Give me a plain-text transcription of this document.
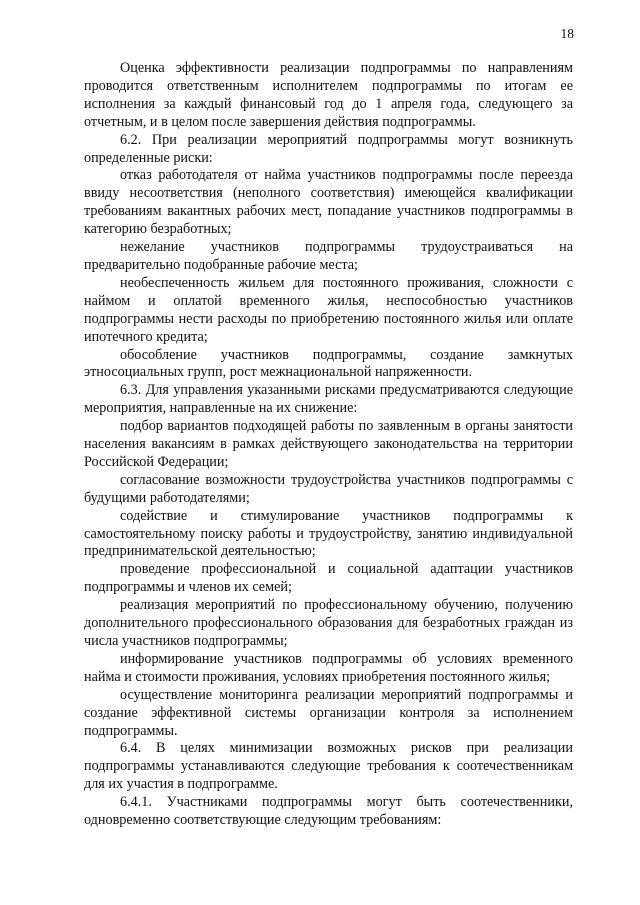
18

Оценка эффективности реализации подпрограммы по направлениям проводится ответственным исполнителем подпрограммы по итогам ее исполнения за каждый финансовый год до 1 апреля года, следующего за отчетным, и в целом после завершения действия подпрограммы.

6.2. При реализации мероприятий подпрограммы могут возникнуть определенные риски:

отказ работодателя от найма участников подпрограммы после переезда ввиду несоответствия (неполного соответствия) имеющейся квалификации требованиям вакантных рабочих мест, попадание участников подпрограммы в категорию безработных;

нежелание участников подпрограммы трудоустраиваться на предварительно подобранные рабочие места;

необеспеченность жильем для постоянного проживания, сложности с наймом и оплатой временного жилья, неспособностью участников подпрограммы нести расходы по приобретению постоянного жилья или оплате ипотечного кредита;

обособление участников подпрограммы, создание замкнутых этносоциальных групп, рост межнациональной напряженности.

6.3. Для управления указанными рисками предусматриваются следующие мероприятия, направленные на их снижение:

подбор вариантов подходящей работы по заявленным в органы занятости населения вакансиям в рамках действующего законодательства на территории Российской Федерации;

согласование возможности трудоустройства участников подпрограммы с будущими работодателями;

содействие и стимулирование участников подпрограммы к самостоятельному поиску работы и трудоустройству, занятию индивидуальной предпринимательской деятельностью;

проведение профессиональной и социальной адаптации участников подпрограммы и членов их семей;

реализация мероприятий по профессиональному обучению, получению дополнительного профессионального образования для безработных граждан из числа участников подпрограммы;

информирование участников подпрограммы об условиях временного найма и стоимости проживания, условиях приобретения постоянного жилья;

осуществление мониторинга реализации мероприятий подпрограммы и создание эффективной системы организации контроля за исполнением подпрограммы.

6.4. В целях минимизации возможных рисков при реализации подпрограммы устанавливаются следующие требования к соотечественникам для их участия в подпрограмме.

6.4.1. Участниками подпрограммы могут быть соотечественники, одновременно соответствующие следующим требованиям:
